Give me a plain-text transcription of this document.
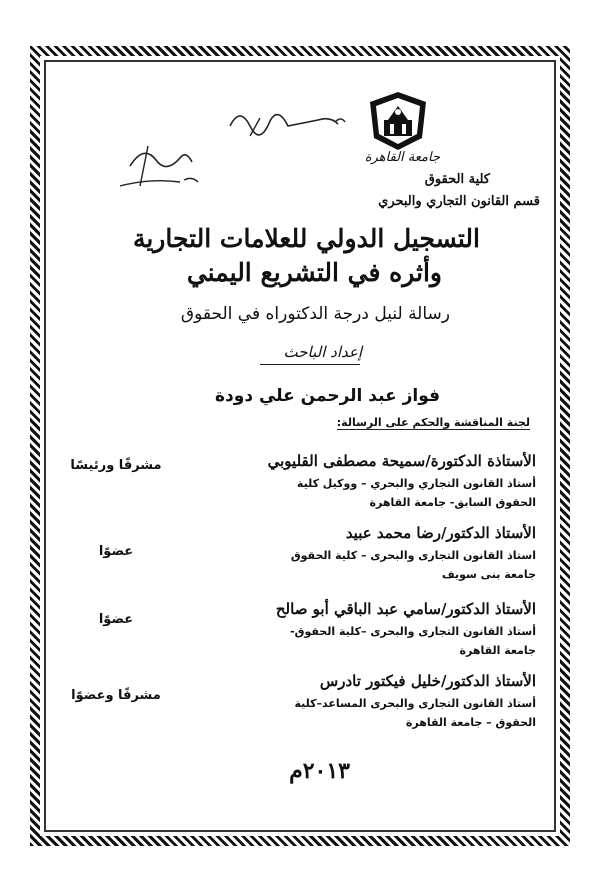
جامعة القاهرة
كلية الحقوق
قسم القانون التجاري والبحري
التسجيل الدولي للعلامات التجارية
وأثره في التشريع اليمني
رسالة لنيل درجة الدكتوراه في الحقوق
إعداد الباحث
فواز عبد الرحمن علي دودة
لجنة المناقشة والحكم على الرسالة:
الأستاذة الدكتورة/سميحة مصطفى القليوبي
أستاذ القانون التجاري والبحري – ووكيل كلية
الحقوق السابق- جامعة القاهرة
مشرفًا ورئيسًا
الأستاذ الدكتور/رضا محمد عبيد
استاذ القانون التجارى والبحرى – كلية الحقوق
جامعة بنى سويف
عضوًا
الأستاذ الدكتور/سامي عبد الباقي أبو صالح
أستاذ القانون التجارى والبحرى –كلية الحقوق-
جامعة القاهرة
عضوًا
الأستاذ الدكتور/خليل فيكتور تادرس
أستاذ القانون التجارى والبحرى المساعد–كلية
الحقوق – جامعة القاهرة
مشرفًا وعضوًا
٢٠١٣م
